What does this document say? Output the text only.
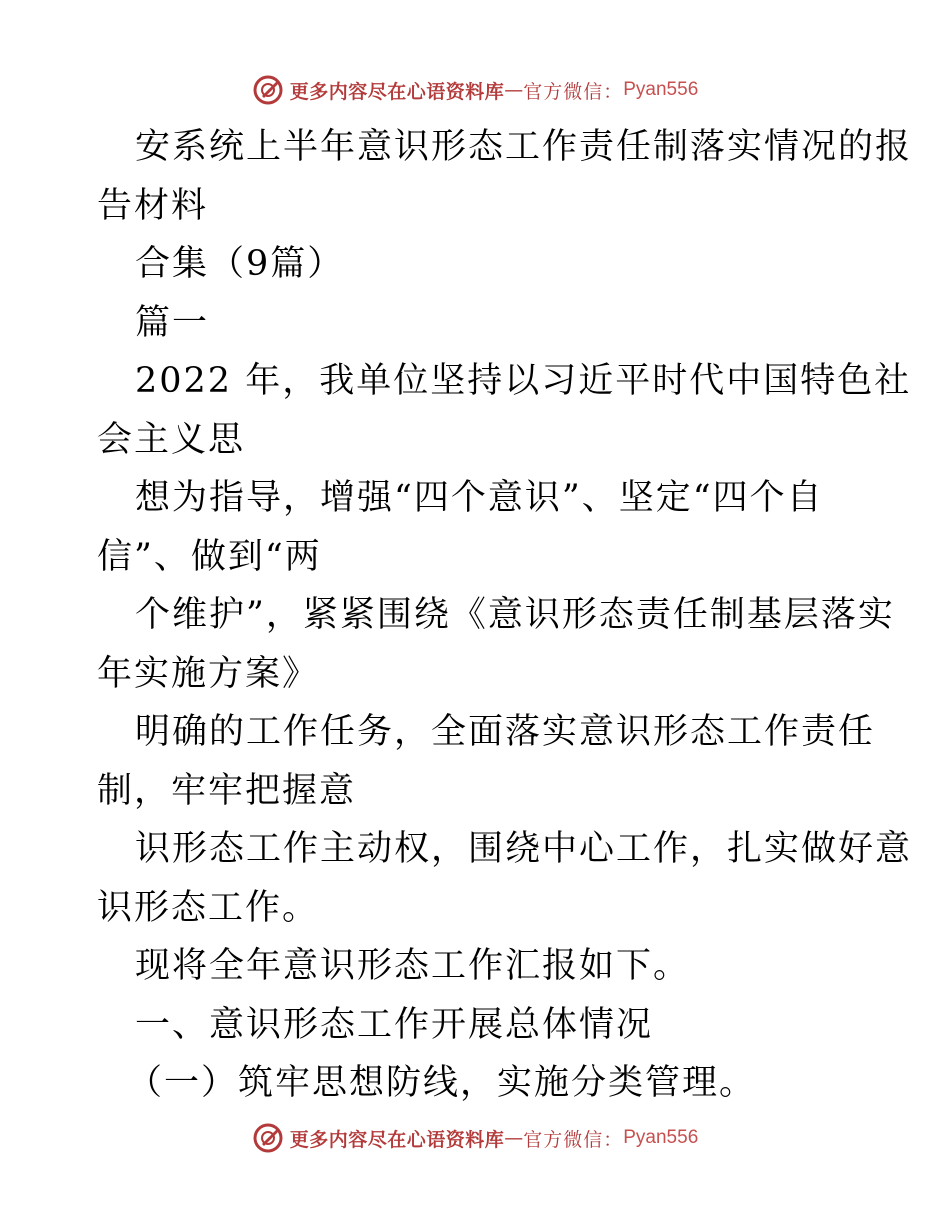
更多内容尽在心语资料库 — 官方微信： Pyan556
安系统上半年意识形态工作责任制落实情况的报
告材料
合集（9篇）
篇一
2022 年，我单位坚持以习近平时代中国特色社
会主义思
想为指导，增强“四个意识”、坚定“四个自
信”、做到“两
个维护”，紧紧围绕《意识形态责任制基层落实
年实施方案》
明确的工作任务，全面落实意识形态工作责任
制，牢牢把握意
识形态工作主动权，围绕中心工作，扎实做好意
识形态工作。
现将全年意识形态工作汇报如下。
一、意识形态工作开展总体情况
（一）筑牢思想防线，实施分类管理。
更多内容尽在心语资料库 — 官方微信： Pyan556
